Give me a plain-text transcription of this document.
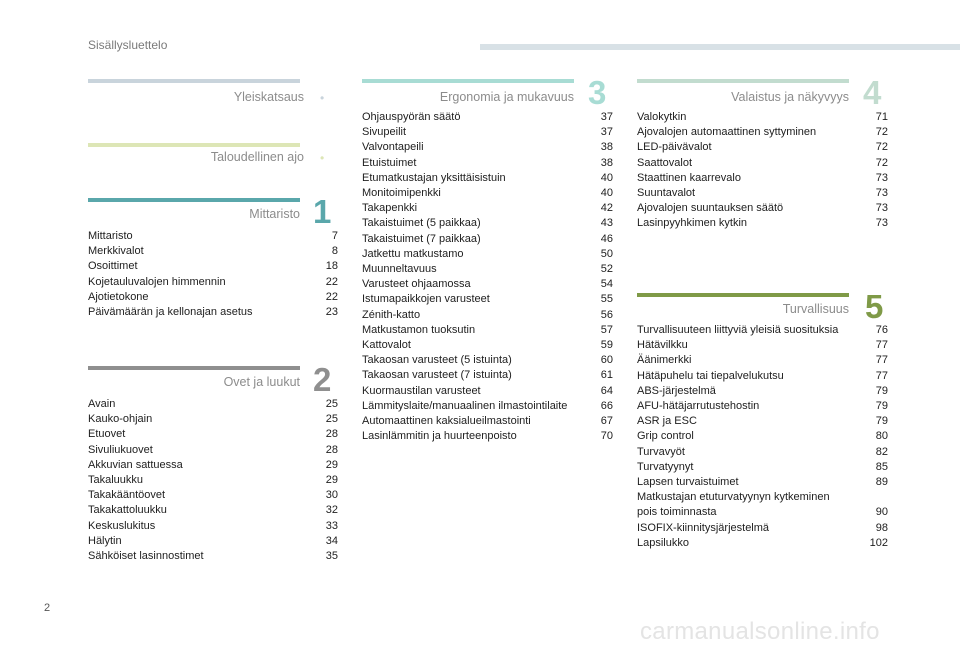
Sisällysluettelo
Yleiskatsaus •
Taloudellinen ajo •
Mittaristo 1
Mittaristo	7
Merkkivalot	8
Osoittimet	18
Kojetauluvalojen himmennin	22
Ajotietokone	22
Päivämäärän ja kellonajan asetus	23
Ovet ja luukut 2
Avain	25
Kauko-ohjain	25
Etuovet	28
Sivuliukuovet	28
Akkuvian sattuessa	29
Takaluukku	29
Takakääntöovet	30
Takakattoluukku	32
Keskuslukitus	33
Hälytin	34
Sähköiset lasinnostimet	35
Ergonomia ja mukavuus 3
Ohjauspyörän säätö	37
Sivupeilit	37
Valvontapeili	38
Etuistuimet	38
Etumatkustajan yksittäisistuin	40
Monitoimipenkki	40
Takapenkki	42
Takaistuimet (5 paikkaa)	43
Takaistuimet (7 paikkaa)	46
Jatkettu matkustamo	50
Muunneltavuus	52
Varusteet ohjaamossa	54
Istumapaikkojen varusteet	55
Zénith-katto	56
Matkustamon tuoksutin	57
Kattovalot	59
Takaosan varusteet (5 istuinta)	60
Takaosan varusteet (7 istuinta)	61
Kuormaustilan varusteet	64
Lämmityslaite/manuaalinen ilmastointilaite	66
Automaattinen kaksialueilmastointi	67
Lasinlämmitin ja huurteenpoisto	70
Valaistus ja näkyvyys 4
Valokytkin	71
Ajovalojen automaattinen syttyminen	72
LED-päivävalot	72
Saattovalot	72
Staattinen kaarrevalo	73
Suuntavalot	73
Ajovalojen suuntauksen säätö	73
Lasinpyyhkimen kytkin	73
Turvallisuus 5
Turvallisuuteen liittyviä yleisiä suosituksia	76
Hätävilkku	77
Äänimerkki	77
Hätäpuhelu tai tiepalvelukutsu	77
ABS-järjestelmä	79
AFU-hätäjarrutustehostin	79
ASR ja ESC	79
Grip control	80
Turvavyöt	82
Turvatyynyt	85
Lapsen turvaistuimet	89
Matkustajan etuturvatyynyn kytkeminen
pois toiminnasta	90
ISOFIX-kiinnitysjärjestelmä	98
Lapsilukko	102
2
carmanualsonline.info
